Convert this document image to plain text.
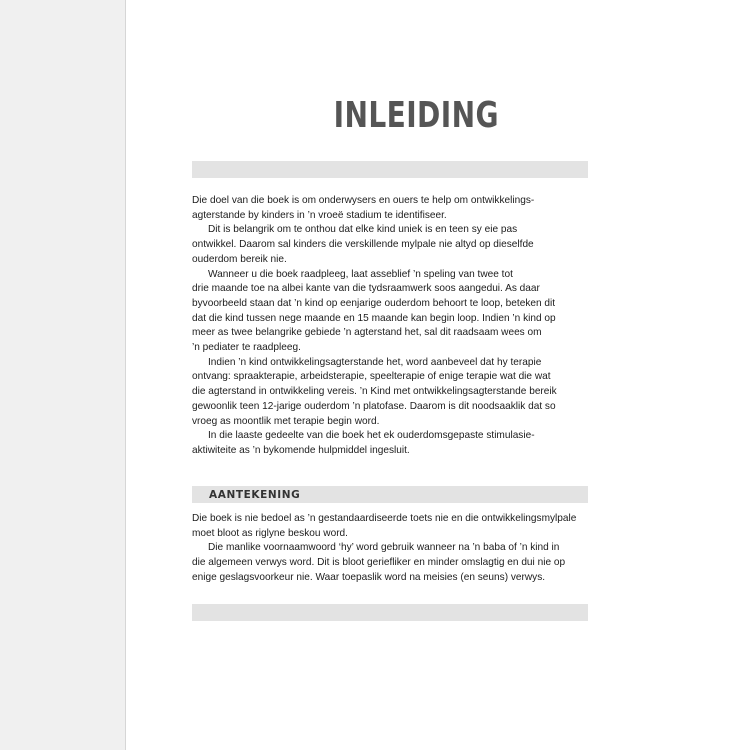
INLEIDING

Die doel van die boek is om onderwysers en ouers te help om ontwikkelings-
agterstande by kinders in ’n vroeë stadium te identifiseer.

Dit is belangrik om te onthou dat elke kind uniek is en teen sy eie pas
ontwikkel. Daarom sal kinders die verskillende mylpale nie altyd op dieselfde
ouderdom bereik nie.

Wanneer u die boek raadpleeg, laat asseblief ’n speling van twee tot
drie maande toe na albei kante van die tydsraamwerk soos aangedui. As daar
byvoorbeeld staan dat ’n kind op eenjarige ouderdom behoort te loop, beteken dit
dat die kind tussen nege maande en 15 maande kan begin loop. Indien ’n kind op
meer as twee belangrike gebiede ’n agterstand het, sal dit raadsaam wees om
’n pediater te raadpleeg.

Indien ’n kind ontwikkelingsagterstande het, word aanbeveel dat hy terapie
ontvang: spraakterapie, arbeidsterapie, speelterapie of enige terapie wat die wat
die agterstand in ontwikkeling vereis. ’n Kind met ontwikkelingsagterstande bereik
gewoonlik teen 12-jarige ouderdom ’n platofase. Daarom is dit noodsaaklik dat so
vroeg as moontlik met terapie begin word.

In die laaste gedeelte van die boek het ek ouderdomsgepaste stimulasie-
aktiwiteite as ’n bykomende hulpmiddel ingesluit.

AANTEKENING

Die boek is nie bedoel as ’n gestandaardiseerde toets nie en die ontwikkelingsmylpale
moet bloot as riglyne beskou word.

Die manlike voornaamwoord ‘hy’ word gebruik wanneer na ’n baba of ’n kind in
die algemeen verwys word. Dit is bloot geriefliker en minder omslagtig en dui nie op
enige geslagsvoorkeur nie. Waar toepaslik word na meisies (en seuns) verwys.
